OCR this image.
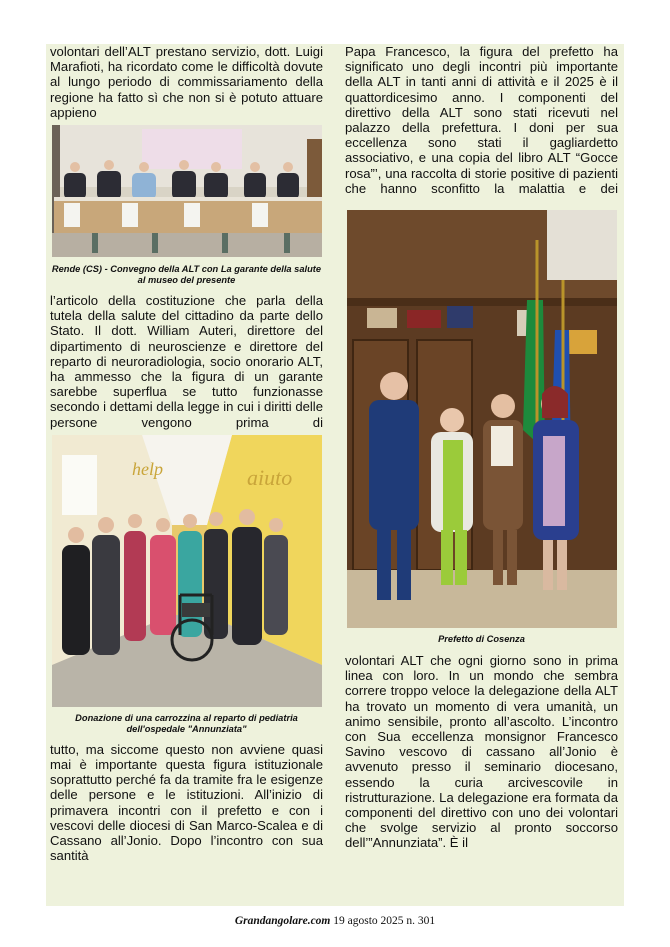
volontari dell’ALT prestano servizio, dott. Luigi Marafioti, ha ricordato come le difficoltà dovute al lungo periodo di commissariamento della regione ha fatto sì che non si è potuto attuare appieno

Rende (CS) - Convegno della ALT con La garante della salute al museo del presente

l’articolo della costituzione che parla della tutela della salute del cittadino da parte dello Stato. Il dott. William Auteri, direttore del dipartimento di neuroscienze e direttore del reparto di neuroradiologia, socio onorario ALT, ha ammesso che la figura di un garante sarebbe superflua se tutto funzionasse secondo i dettami della legge in cui i diritti delle persone vengono prima di

aiuto
help

Donazione di una carrozzina al reparto di pediatria dell'ospedale "Annunziata"

tutto, ma siccome questo non avviene quasi mai è importante questa figura istituzionale soprattutto perché fa da tramite fra le esigenze delle persone e le istituzioni. All’inizio di primavera incontri con il prefetto e con i vescovi delle diocesi di San Marco-Scalea e di Cassano all’Jonio. Dopo l’incontro con sua santità

Papa Francesco, la figura del prefetto ha significato uno degli incontri più importante della ALT in tanti anni di attività e il 2025 è il quattordicesimo anno. I componenti del direttivo della ALT sono stati ricevuti nel palazzo della prefettura. I doni per sua eccellenza sono stati il gagliardetto associativo, e una copia del libro ALT “Gocce rosa”’, una raccolta di storie positive di pazienti che hanno sconfitto la malattia e dei

Prefetto di Cosenza

volontari ALT che ogni giorno sono in prima linea con loro. In un mondo che sembra correre troppo veloce la delegazione della ALT ha trovato un momento di vera umanità, un animo sensibile, pronto all’ascolto. L’incontro con Sua eccellenza monsignor Francesco Savino vescovo di cassano all’Jonio è avvenuto presso il seminario diocesano, essendo la curia arcivescovile in ristrutturazione. La delegazione era formata da componenti del direttivo con uno dei volontari che svolge servizio al pronto soccorso dell’”Annunziata”. È il

Grandangolare.com 19 agosto 2025 n. 301
